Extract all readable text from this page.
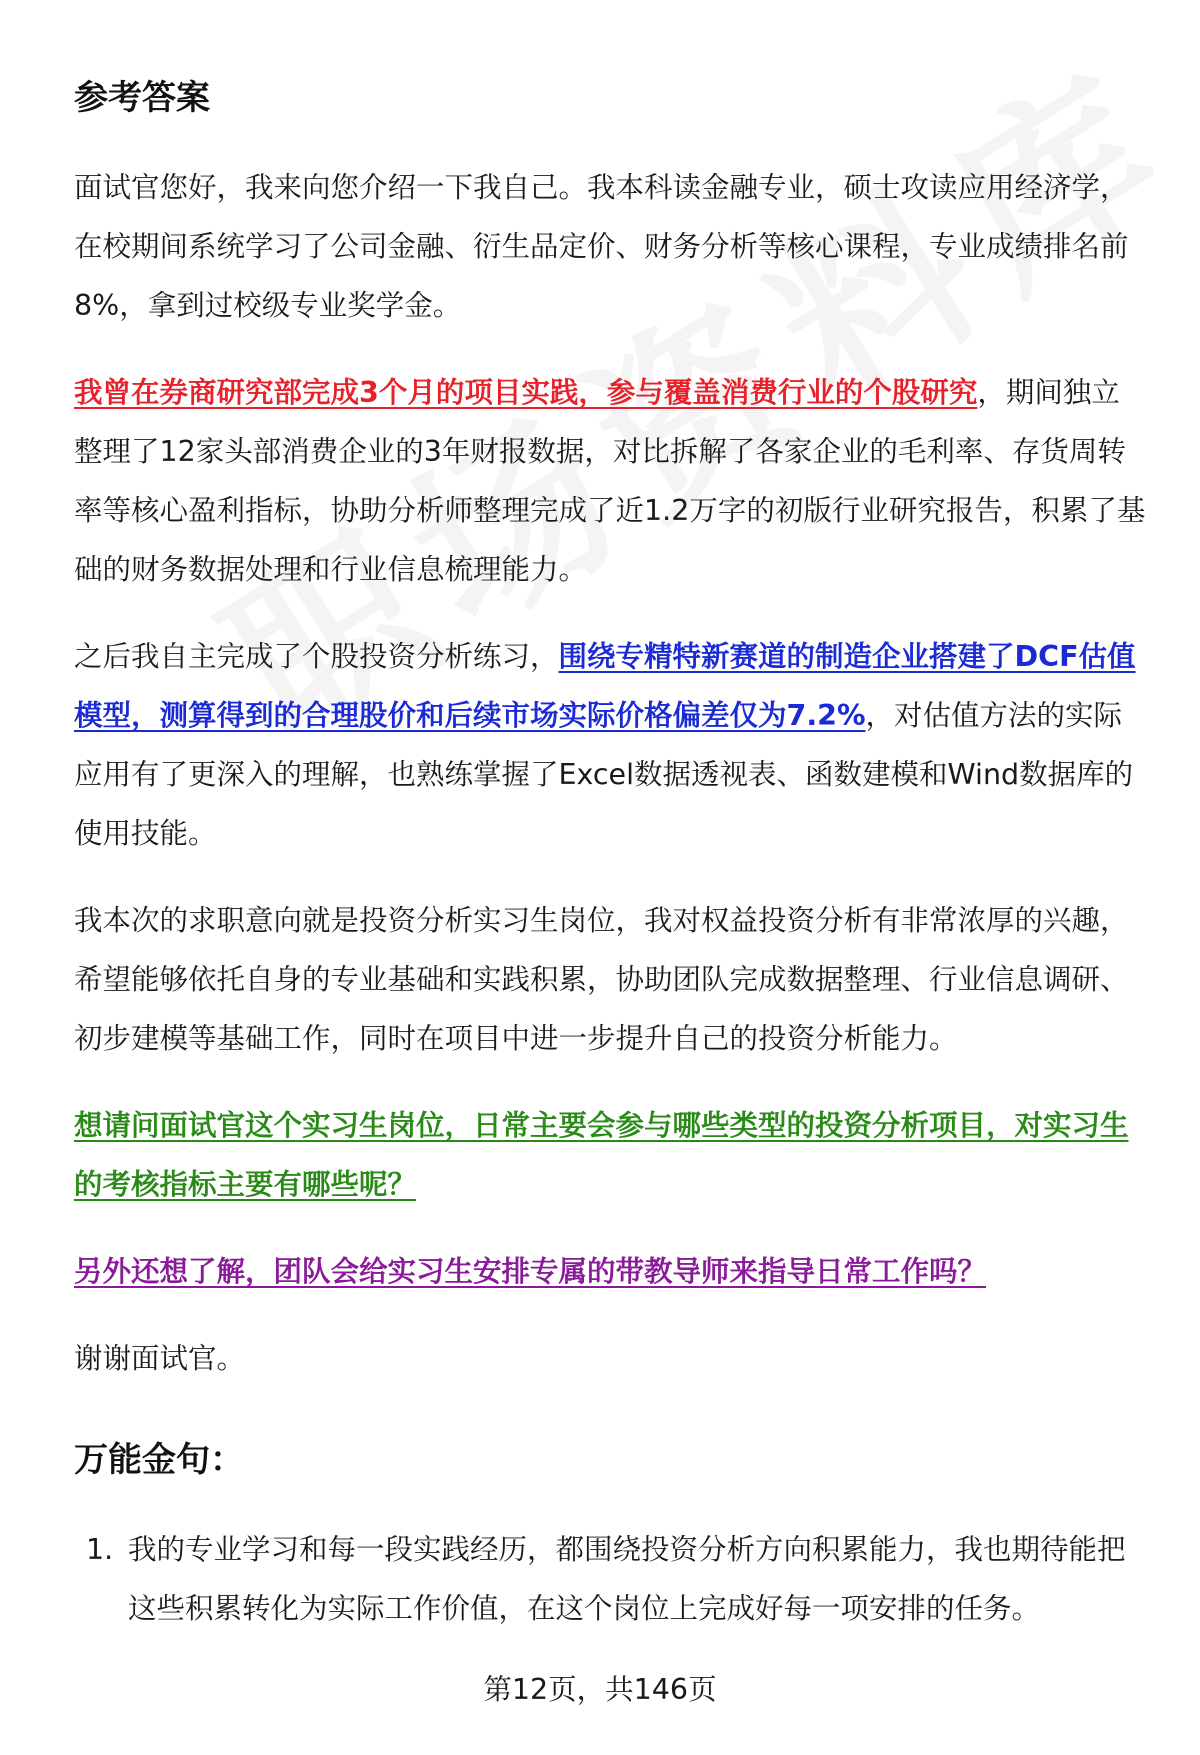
参考答案

面试官您好，我来向您介绍一下我自己。我本科读金融专业，硕士攻读应用经济学，在校期间系统学习了公司金融、衍生品定价、财务分析等核心课程，专业成绩排名前8%，拿到过校级专业奖学金。

我曾在券商研究部完成3个月的项目实践，参与覆盖消费行业的个股研究，期间独立整理了12家头部消费企业的3年财报数据，对比拆解了各家企业的毛利率、存货周转率等核心盈利指标，协助分析师整理完成了近1.2万字的初版行业研究报告，积累了基础的财务数据处理和行业信息梳理能力。

之后我自主完成了个股投资分析练习，围绕专精特新赛道的制造企业搭建了DCF估值模型，测算得到的合理股价和后续市场实际价格偏差仅为7.2%，对估值方法的实际应用有了更深入的理解，也熟练掌握了Excel数据透视表、函数建模和Wind数据库的使用技能。

我本次的求职意向就是投资分析实习生岗位，我对权益投资分析有非常浓厚的兴趣，希望能够依托自身的专业基础和实践积累，协助团队完成数据整理、行业信息调研、初步建模等基础工作，同时在项目中进一步提升自己的投资分析能力。

想请问面试官这个实习生岗位，日常主要会参与哪些类型的投资分析项目，对实习生的考核指标主要有哪些呢？

另外还想了解，团队会给实习生安排专属的带教导师来指导日常工作吗？

谢谢面试官。

万能金句：
1. 我的专业学习和每一段实践经历，都围绕投资分析方向积累能力，我也期待能把这些积累转化为实际工作价值，在这个岗位上完成好每一项安排的任务。
第12页，共146页
